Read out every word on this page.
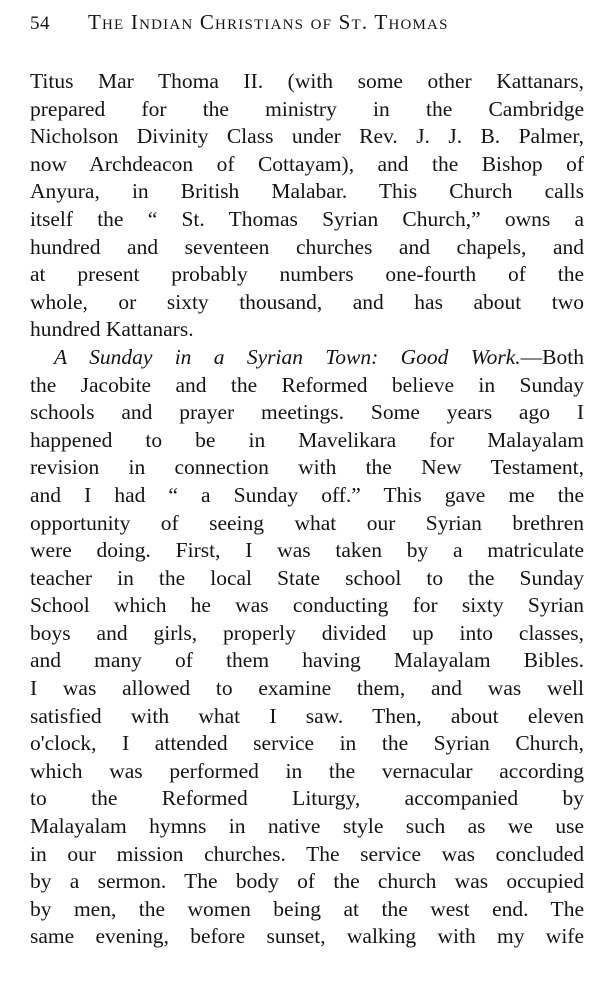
54	The Indian Christians of St. Thomas
Titus Mar Thoma II. (with some other Kattanars,
prepared for the ministry in the Cambridge
Nicholson Divinity Class under Rev. J. J. B. Palmer,
now Archdeacon of Cottayam), and the Bishop of
Anyura, in British Malabar. This Church calls
itself the “ St. Thomas Syrian Church,” owns a
hundred and seventeen churches and chapels, and
at present probably numbers one-fourth of the
whole, or sixty thousand, and has about two
hundred Kattanars.
A Sunday in a Syrian Town: Good Work.—Both
the Jacobite and the Reformed believe in Sunday
schools and prayer meetings. Some years ago I
happened to be in Mavelikara for Malayalam
revision in connection with the New Testament,
and I had “ a Sunday off.” This gave me the
opportunity of seeing what our Syrian brethren
were doing. First, I was taken by a matriculate
teacher in the local State school to the Sunday
School which he was conducting for sixty Syrian
boys and girls, properly divided up into classes,
and many of them having Malayalam Bibles.
I was allowed to examine them, and was well
satisfied with what I saw. Then, about eleven
o'clock, I attended service in the Syrian Church,
which was performed in the vernacular according
to the Reformed Liturgy, accompanied by
Malayalam hymns in native style such as we use
in our mission churches. The service was concluded
by a sermon. The body of the church was occupied
by men, the women being at the west end. The
same evening, before sunset, walking with my wife
